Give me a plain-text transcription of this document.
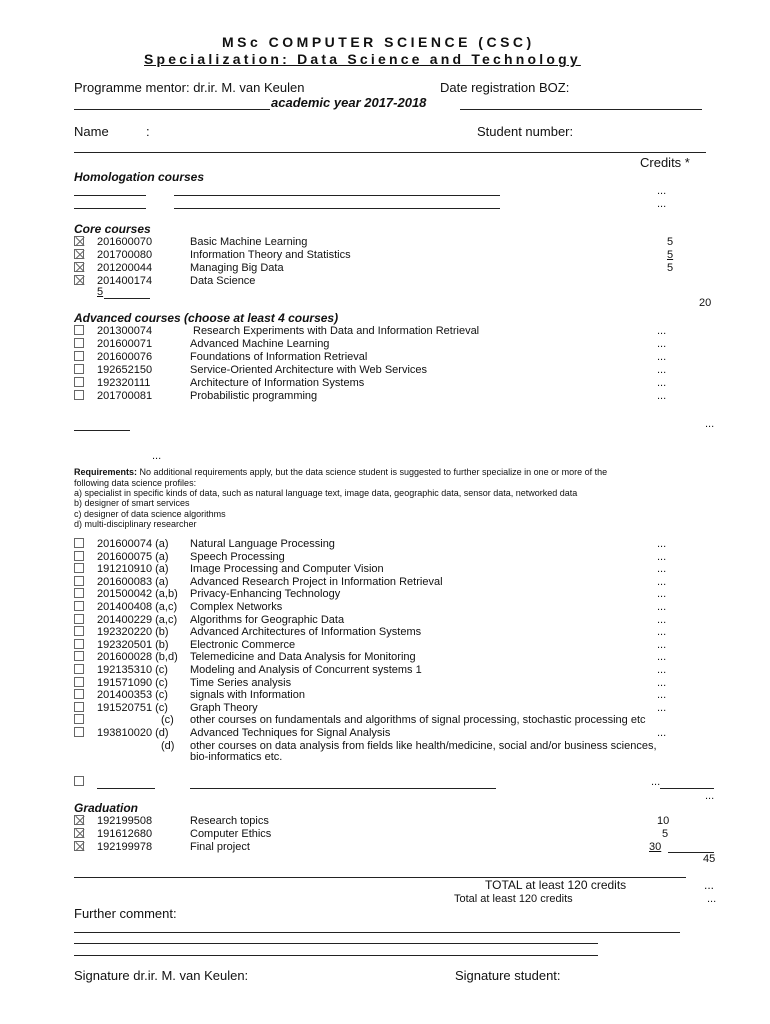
MSc COMPUTER SCIENCE (CSC)
Specialization: Data Science and Technology
Programme mentor: dr.ir. M. van Keulen	Date registration BOZ:
academic year 2017-2018
Name	:	Student number:
Credits *
Homologation courses
...
...
Core courses
201600070	Basic Machine Learning	5
201700080	Information Theory and Statistics	5
201200044	Managing Big Data	5
201400174	Data Science
5
20
Advanced courses (choose at least 4 courses)
201300074	Research Experiments with Data and Information Retrieval	...
201600071	Advanced Machine Learning	...
201600076	Foundations of Information Retrieval	...
192652150	Service-Oriented Architecture with Web Services	...
192320111	Architecture of Information Systems	...
201700081	Probabilistic programming	...
...
...
Requirements: No additional requirements apply, but the data science student is suggested to further specialize in one or more of the
following data science profiles:
a) specialist in specific kinds of data, such as natural language text, image data, geographic data, sensor data, networked data
b) designer of smart services
c) designer of data science algorithms
d) multi-disciplinary researcher
201600074 (a) Natural Language Processing	...
201600075 (a) Speech Processing	...
191210910 (a) Image Processing and Computer Vision	...
201600083 (a) Advanced Research Project in Information Retrieval	...
201500042 (a,b) Privacy-Enhancing Technology	...
201400408 (a,c) Complex Networks	...
201400229 (a,c) Algorithms for Geographic Data	...
192320220 (b) Advanced Architectures of Information Systems	...
192320501 (b) Electronic Commerce	...
201600028 (b,d) Telemedicine and Data Analysis for Monitoring	...
192135310 (c) Modeling and Analysis of Concurrent systems 1	...
191571090 (c) Time Series analysis	...
201400353 (c) signals with Information	...
191520751 (c) Graph Theory	...
(c) other courses on fundamentals and algorithms of signal processing, stochastic processing etc
193810020 (d) Advanced Techniques for Signal Analysis	...
(d) other courses on data analysis from fields like health/medicine, social and/or business sciences,
bio-informatics etc.
...
...
Graduation
192199508	Research topics	10
191612680	Computer Ethics	5
192199978	Final project	30
45
TOTAL at least 120 credits	...
Total at least 120 credits	...
Further comment:
Signature dr.ir. M. van Keulen:	Signature student:
